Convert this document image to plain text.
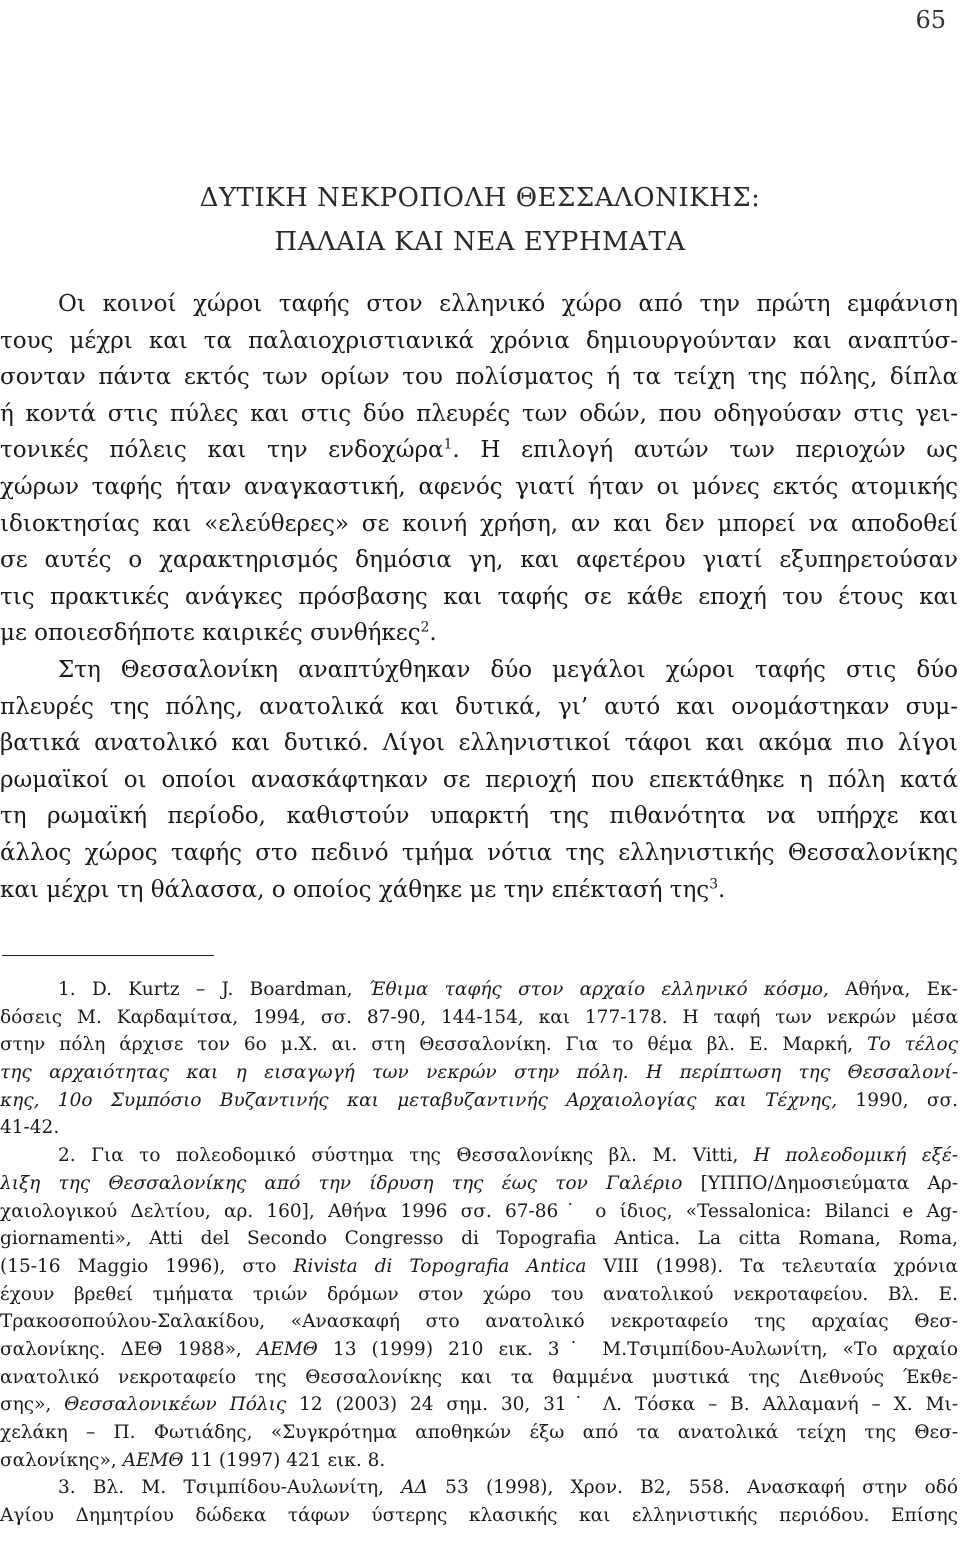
65
ΔΥΤΙΚΗ ΝΕΚΡΟΠΟΛΗ ΘΕΣΣΑΛΟΝΙΚΗΣ:
ΠΑΛΑΙΑ ΚΑΙ ΝΕΑ ΕΥΡΗΜΑΤΑ
Οι κοινοί χώροι ταφής στον ελληνικό χώρο από την πρώτη εμφάνιση
τους μέχρι και τα παλαιοχριστιανικά χρόνια δημιουργούνταν και αναπτύσ-
σονταν πάντα εκτός των ορίων του πολίσματος ή τα τείχη της πόλης, δίπλα
ή κοντά στις πύλες και στις δύο πλευρές των οδών, που οδηγούσαν στις γει-
τονικές πόλεις και την ενδοχώρα$^1$. Η επιλογή αυτών των περιοχών ως
χώρων ταφής ήταν αναγκαστική, αφενός γιατί ήταν οι μόνες εκτός ατομικής
ιδιοκτησίας και «ελεύθερες» σε κοινή χρήση, αν και δεν μπορεί να αποδοθεί
σε αυτές ο χαρακτηρισμός δημόσια γη, και αφετέρου γιατί εξυπηρετούσαν
τις πρακτικές ανάγκες πρόσβασης και ταφής σε κάθε εποχή του έτους και
με οποιεσδήποτε καιρικές συνθήκες$^2$.
Στη Θεσσαλονίκη αναπτύχθηκαν δύο μεγάλοι χώροι ταφής στις δύο
πλευρές της πόλης, ανατολικά και δυτικά, γι’ αυτό και ονομάστηκαν συμ-
βατικά ανατολικό και δυτικό. Λίγοι ελληνιστικοί τάφοι και ακόμα πιο λίγοι
ρωμαϊκοί οι οποίοι ανασκάφτηκαν σε περιοχή που επεκτάθηκε η πόλη κατά
τη ρωμαϊκή περίοδο, καθιστούν υπαρκτή της πιθανότητα να υπήρχε και
άλλος χώρος ταφής στο πεδινό τμήμα νότια της ελληνιστικής Θεσσαλονίκης
και μέχρι τη θάλασσα, ο οποίος χάθηκε με την επέκτασή της$^3$.
1. D. Kurtz – J. Boardman, Έθιμα ταφής στον αρχαίο ελληνικό κόσμο, Αθήνα, Εκ-
δόσεις Μ. Καρδαμίτσα, 1994, σσ. 87-90, 144-154, και 177-178. Η ταφή των νεκρών μέσα
στην πόλη άρχισε τον 6ο μ.Χ. αι. στη Θεσσαλονίκη. Για το θέμα βλ. Ε. Μαρκή, Το τέλος
της αρχαιότητας και η εισαγωγή των νεκρών στην πόλη. Η περίπτωση της Θεσσαλονί-
κης, 10ο Συμπόσιο Βυζαντινής και μεταβυζαντινής Αρχαιολογίας και Τέχνης, 1990, σσ.
41-42.
2. Για το πολεοδομικό σύστημα της Θεσσαλονίκης βλ. Μ. Vitti, Η πολεοδομική εξέ-
λιξη της Θεσσαλονίκης από την ίδρυση της έως τον Γαλέριο [ΥΠΠΟ/Δημοσιεύματα Αρ-
χαιολογικού Δελτίου, αρ. 160], Αθήνα 1996 σσ. 67-86˙ ο ίδιος, «Tessalonica: Bilanci e Ag-
giornamenti», Atti del Secondo Congresso di Topografia Antica. La citta Romana, Roma,
(15-16 Maggio 1996), στο Rivista di Topografia Antica VIII (1998). Τα τελευταία χρόνια
έχουν βρεθεί τμήματα τριών δρόμων στον χώρο του ανατολικού νεκροταφείου. Βλ. Ε.
Τρακοσοπούλου-Σαλακίδου, «Ανασκαφή στο ανατολικό νεκροταφείο της αρχαίας Θεσ-
σαλονίκης. ΔΕΘ 1988», ΑΕΜΘ 13 (1999) 210 εικ. 3˙ Μ.Τσιμπίδου-Αυλωνίτη, «Το αρχαίο
ανατολικό νεκροταφείο της Θεσσαλονίκης και τα θαμμένα μυστικά της Διεθνούς Έκθε-
σης», Θεσσαλονικέων Πόλις 12 (2003) 24 σημ. 30, 31˙ Λ. Τόσκα – Β. Αλλαμανή – Χ. Μι-
χελάκη – Π. Φωτιάδης, «Συγκρότημα αποθηκών έξω από τα ανατολικά τείχη της Θεσ-
σαλονίκης», ΑΕΜΘ 11 (1997) 421 εικ. 8.
3. Βλ. Μ. Τσιμπίδου-Αυλωνίτη, ΑΔ 53 (1998), Χρον. Β2, 558. Ανασκαφή στην οδό
Αγίου Δημητρίου δώδεκα τάφων ύστερης κλασικής και ελληνιστικής περιόδου. Επίσης
